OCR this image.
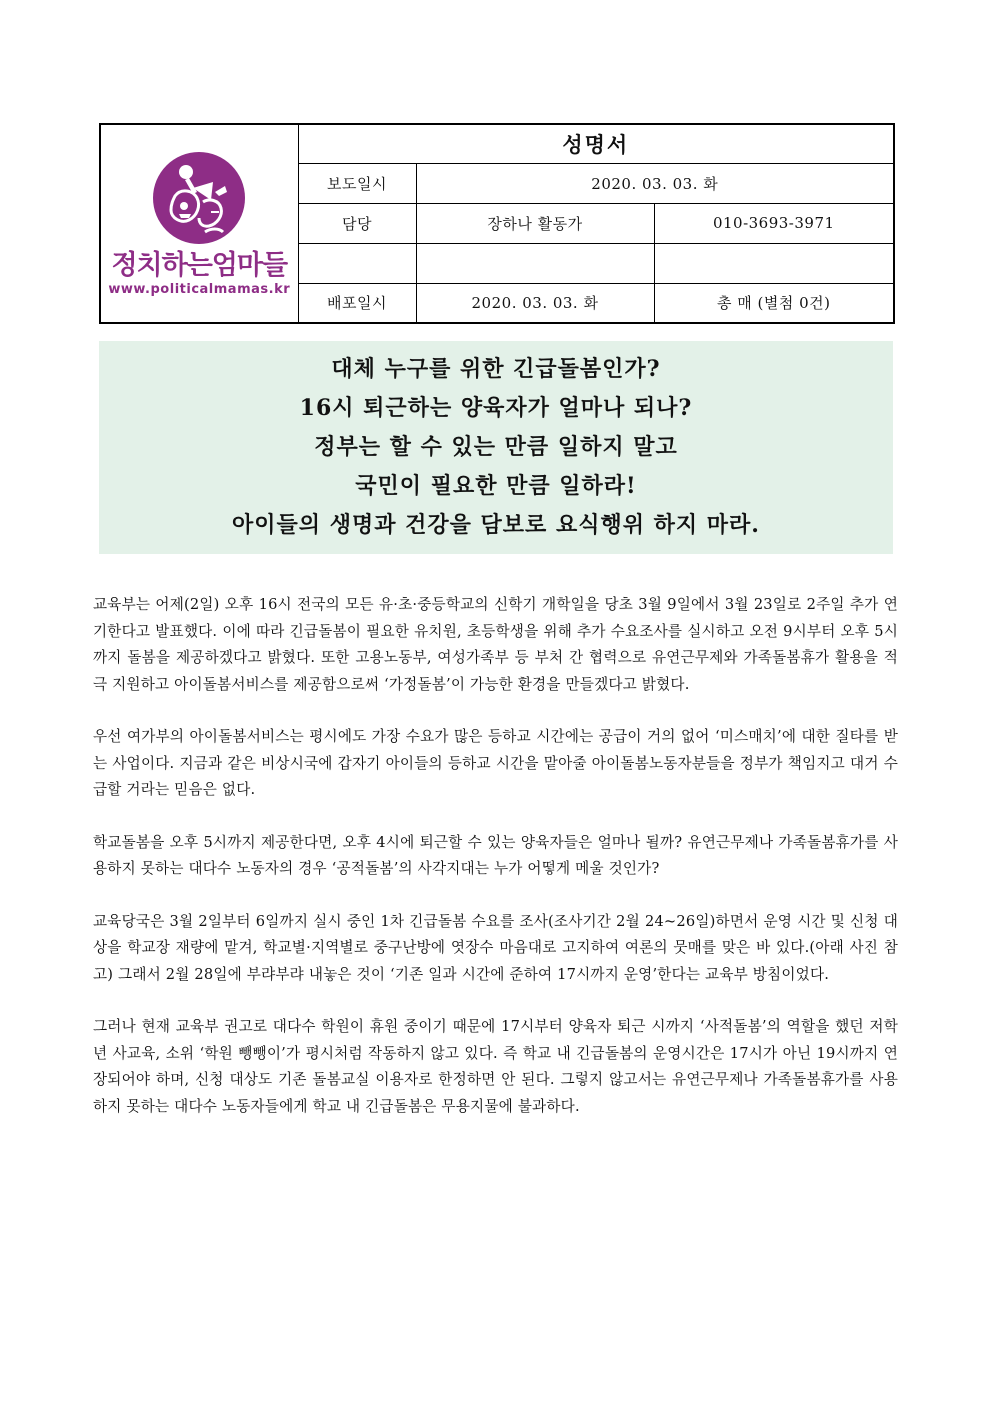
정치하는엄마들
www.politicalmamas.kr	성명서		
	보도일시	2020. 03. 03. 화	
	담당	장하나 활동가	010-3693-3971

	배포일시	2020. 03. 03. 화	총 매 (별첨 0건)
대체 누구를 위한 긴급돌봄인가?
16시 퇴근하는 양육자가 얼마나 되나?
정부는 할 수 있는 만큼 일하지 말고
국민이 필요한 만큼 일하라!
아이들의 생명과 건강을 담보로 요식행위 하지 마라.

교육부는 어제(2일) 오후 16시 전국의 모든 유·초·중등학교의 신학기 개학일을 당초 3월 9일에서 3월 23일로 2주일 추가 연기한다고 발표했다. 이에 따라 긴급돌봄이 필요한 유치원, 초등학생을 위해 추가 수요조사를 실시하고 오전 9시부터 오후 5시까지 돌봄을 제공하겠다고 밝혔다. 또한 고용노동부, 여성가족부 등 부처 간 협력으로 유연근무제와 가족돌봄휴가 활용을 적극 지원하고 아이돌봄서비스를 제공함으로써 ‘가정돌봄’이 가능한 환경을 만들겠다고 밝혔다.

우선 여가부의 아이돌봄서비스는 평시에도 가장 수요가 많은 등하교 시간에는 공급이 거의 없어 ‘미스매치’에 대한 질타를 받는 사업이다. 지금과 같은 비상시국에 갑자기 아이들의 등하교 시간을 맡아줄 아이돌봄노동자분들을 정부가 책임지고 대거 수급할 거라는 믿음은 없다.

학교돌봄을 오후 5시까지 제공한다면, 오후 4시에 퇴근할 수 있는 양육자들은 얼마나 될까? 유연근무제나 가족돌봄휴가를 사용하지 못하는 대다수 노동자의 경우 ‘공적돌봄’의 사각지대는 누가 어떻게 메울 것인가?

교육당국은 3월 2일부터 6일까지 실시 중인 1차 긴급돌봄 수요를 조사(조사기간 2월 24~26일)하면서 운영 시간 및 신청 대상을 학교장 재량에 맡겨, 학교별·지역별로 중구난방에 엿장수 마음대로 고지하여 여론의 뭇매를 맞은 바 있다.(아래 사진 참고) 그래서 2월 28일에 부랴부랴 내놓은 것이 ‘기존 일과 시간에 준하여 17시까지 운영’한다는 교육부 방침이었다.

그러나 현재 교육부 권고로 대다수 학원이 휴원 중이기 때문에 17시부터 양육자 퇴근 시까지 ‘사적돌봄’의 역할을 했던 저학년 사교육, 소위 ‘학원 뺑뺑이’가 평시처럼 작동하지 않고 있다. 즉 학교 내 긴급돌봄의 운영시간은 17시가 아닌 19시까지 연장되어야 하며, 신청 대상도 기존 돌봄교실 이용자로 한정하면 안 된다. 그렇지 않고서는 유연근무제나 가족돌봄휴가를 사용하지 못하는 대다수 노동자들에게 학교 내 긴급돌봄은 무용지물에 불과하다.
